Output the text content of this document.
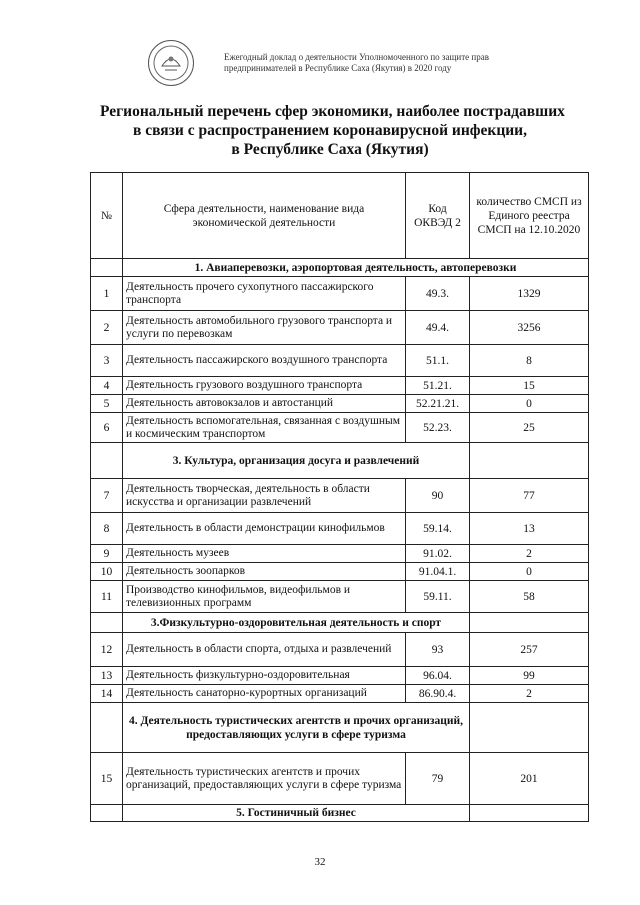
Ежегодный доклад о деятельности Уполномоченного по защите прав
предпринимателей в Республике Саха (Якутия) в 2020 году
Региональный перечень сфер экономики, наиболее пострадавших
в связи с распространением коронавирусной инфекции,
в Республике Саха (Якутия)
№	Сфера деятельности, наименование вида экономической деятельности	Код ОКВЭД 2	количество СМСП из Единого реестра СМСП на 12.10.2020
	1. Авиаперевозки, аэропортовая деятельность, автоперевозки		
1	Деятельность прочего сухопутного пассажирского транспорта	49.3.	1329
2	Деятельность автомобильного грузового транспорта и услуги по перевозкам	49.4.	3256
3	Деятельность пассажирского воздушного транспорта	51.1.	8
4	Деятельность грузового воздушного транспорта	51.21.	15
5	Деятельность автовокзалов и автостанций	52.21.21.	0
6	Деятельность вспомогательная, связанная с воздушным и космическим транспортом	52.23.	25
	3. Культура, организация досуга и развлечений		
7	Деятельность творческая, деятельность в области искусства и организации развлечений	90	77
8	Деятельность в области демонстрации кинофильмов	59.14.	13
9	Деятельность музеев	91.02.	2
10	Деятельность зоопарков	91.04.1.	0
11	Производство кинофильмов, видеофильмов и телевизионных программ	59.11.	58
	3.Физкультурно-оздоровительная деятельность и спорт		
12	Деятельность в области спорта, отдыха и развлечений	93	257
13	Деятельность физкультурно-оздоровительная	96.04.	99
14	Деятельность санаторно-курортных организаций	86.90.4.	2
	4. Деятельность туристических агентств и прочих организаций, предоставляющих услуги в сфере туризма		
15	Деятельность туристических агентств и прочих организаций, предоставляющих услуги в сфере туризма	79	201
	5. Гостиничный бизнес		
32
